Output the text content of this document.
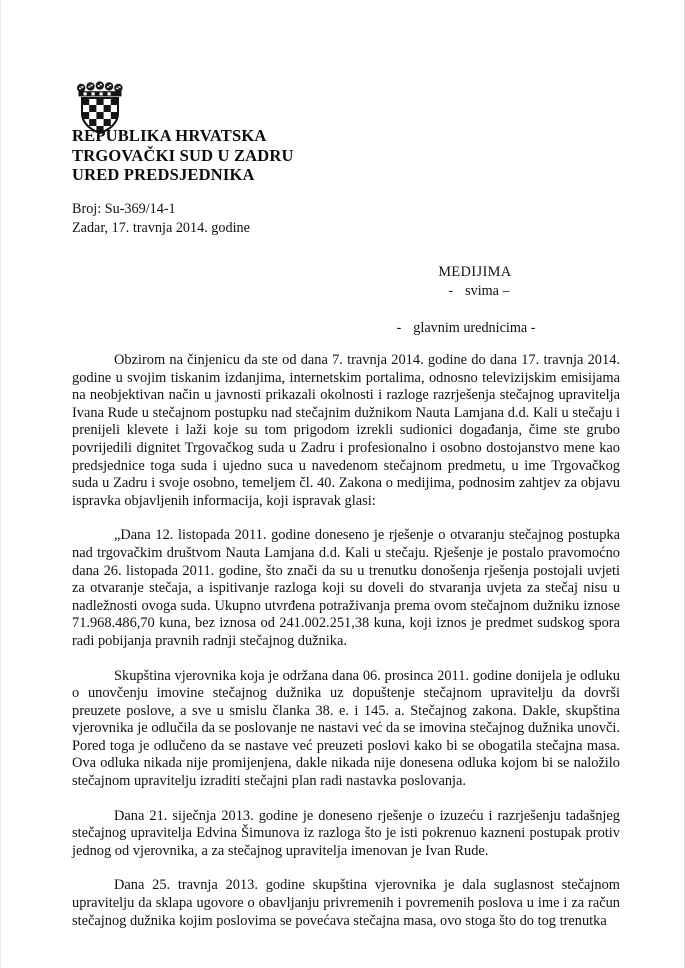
REPUBLIKA HRVATSKA
TRGOVAČKI SUD U ZADRU
URED PREDSJEDNIKA
Broj: Su-369/14-1
Zadar, 17. travnja 2014. godine
MEDIJIMA
- svima –
- glavnim urednicima -

Obzirom na činjenicu da ste od dana 7. travnja 2014. godine do dana 17. travnja 2014. godine u svojim tiskanim izdanjima, internetskim portalima, odnosno televizijskim emisijama na neobjektivan način u javnosti prikazali okolnosti i razloge razrješenja stečajnog upravitelja Ivana Rude u stečajnom postupku nad stečajnim dužnikom Nauta Lamjana d.d. Kali u stečaju i prenijeli klevete i laži koje su tom prigodom izrekli sudionici događanja, čime ste grubo povrijedili dignitet Trgovačkog suda u Zadru i profesionalno i osobno dostojanstvo mene kao predsjednice toga suda i ujedno suca u navedenom stečajnom predmetu, u ime Trgovačkog suda u Zadru i svoje osobno, temeljem čl. 40. Zakona o medijima, podnosim zahtjev za objavu ispravka objavljenih informacija, koji ispravak glasi:

„Dana 12. listopada 2011. godine doneseno je rješenje o otvaranju stečajnog postupka nad trgovačkim društvom Nauta Lamjana d.d. Kali u stečaju. Rješenje je postalo pravomoćno dana 26. listopada 2011. godine, što znači da su u trenutku donošenja rješenja postojali uvjeti za otvaranje stečaja, a ispitivanje razloga koji su doveli do stvaranja uvjeta za stečaj nisu u nadležnosti ovoga suda. Ukupno utvrđena potraživanja prema ovom stečajnom dužniku iznose 71.968.486,70 kuna, bez iznosa od 241.002.251,38 kuna, koji iznos je predmet sudskog spora radi pobijanja pravnih radnji stečajnog dužnika.

Skupština vjerovnika koja je održana dana 06. prosinca 2011. godine donijela je odluku o unovčenju imovine stečajnog dužnika uz dopuštenje stečajnom upravitelju da dovrši preuzete poslove, a sve u smislu članka 38. e. i 145. a. Stečajnog zakona. Dakle, skupština vjerovnika je odlučila da se poslovanje ne nastavi već da se imovina stečajnog dužnika unovči. Pored toga je odlučeno da se nastave već preuzeti poslovi kako bi se obogatila stečajna masa. Ova odluka nikada nije promijenjena, dakle nikada nije donesena odluka kojom bi se naložilo stečajnom upravitelju izraditi stečajni plan radi nastavka poslovanja.

Dana 21. siječnja 2013. godine je doneseno rješenje o izuzeću i razrješenju tadašnjeg stečajnog upravitelja Edvina Šimunova iz razloga što je isti pokrenuo kazneni postupak protiv jednog od vjerovnika, a za stečajnog upravitelja imenovan je Ivan Rude.

Dana 25. travnja 2013. godine skupština vjerovnika je dala suglasnost stečajnom upravitelju da sklapa ugovore o obavljanju privremenih i povremenih poslova u ime i za račun stečajnog dužnika kojim poslovima se povećava stečajna masa, ovo stoga što do tog trenutka
